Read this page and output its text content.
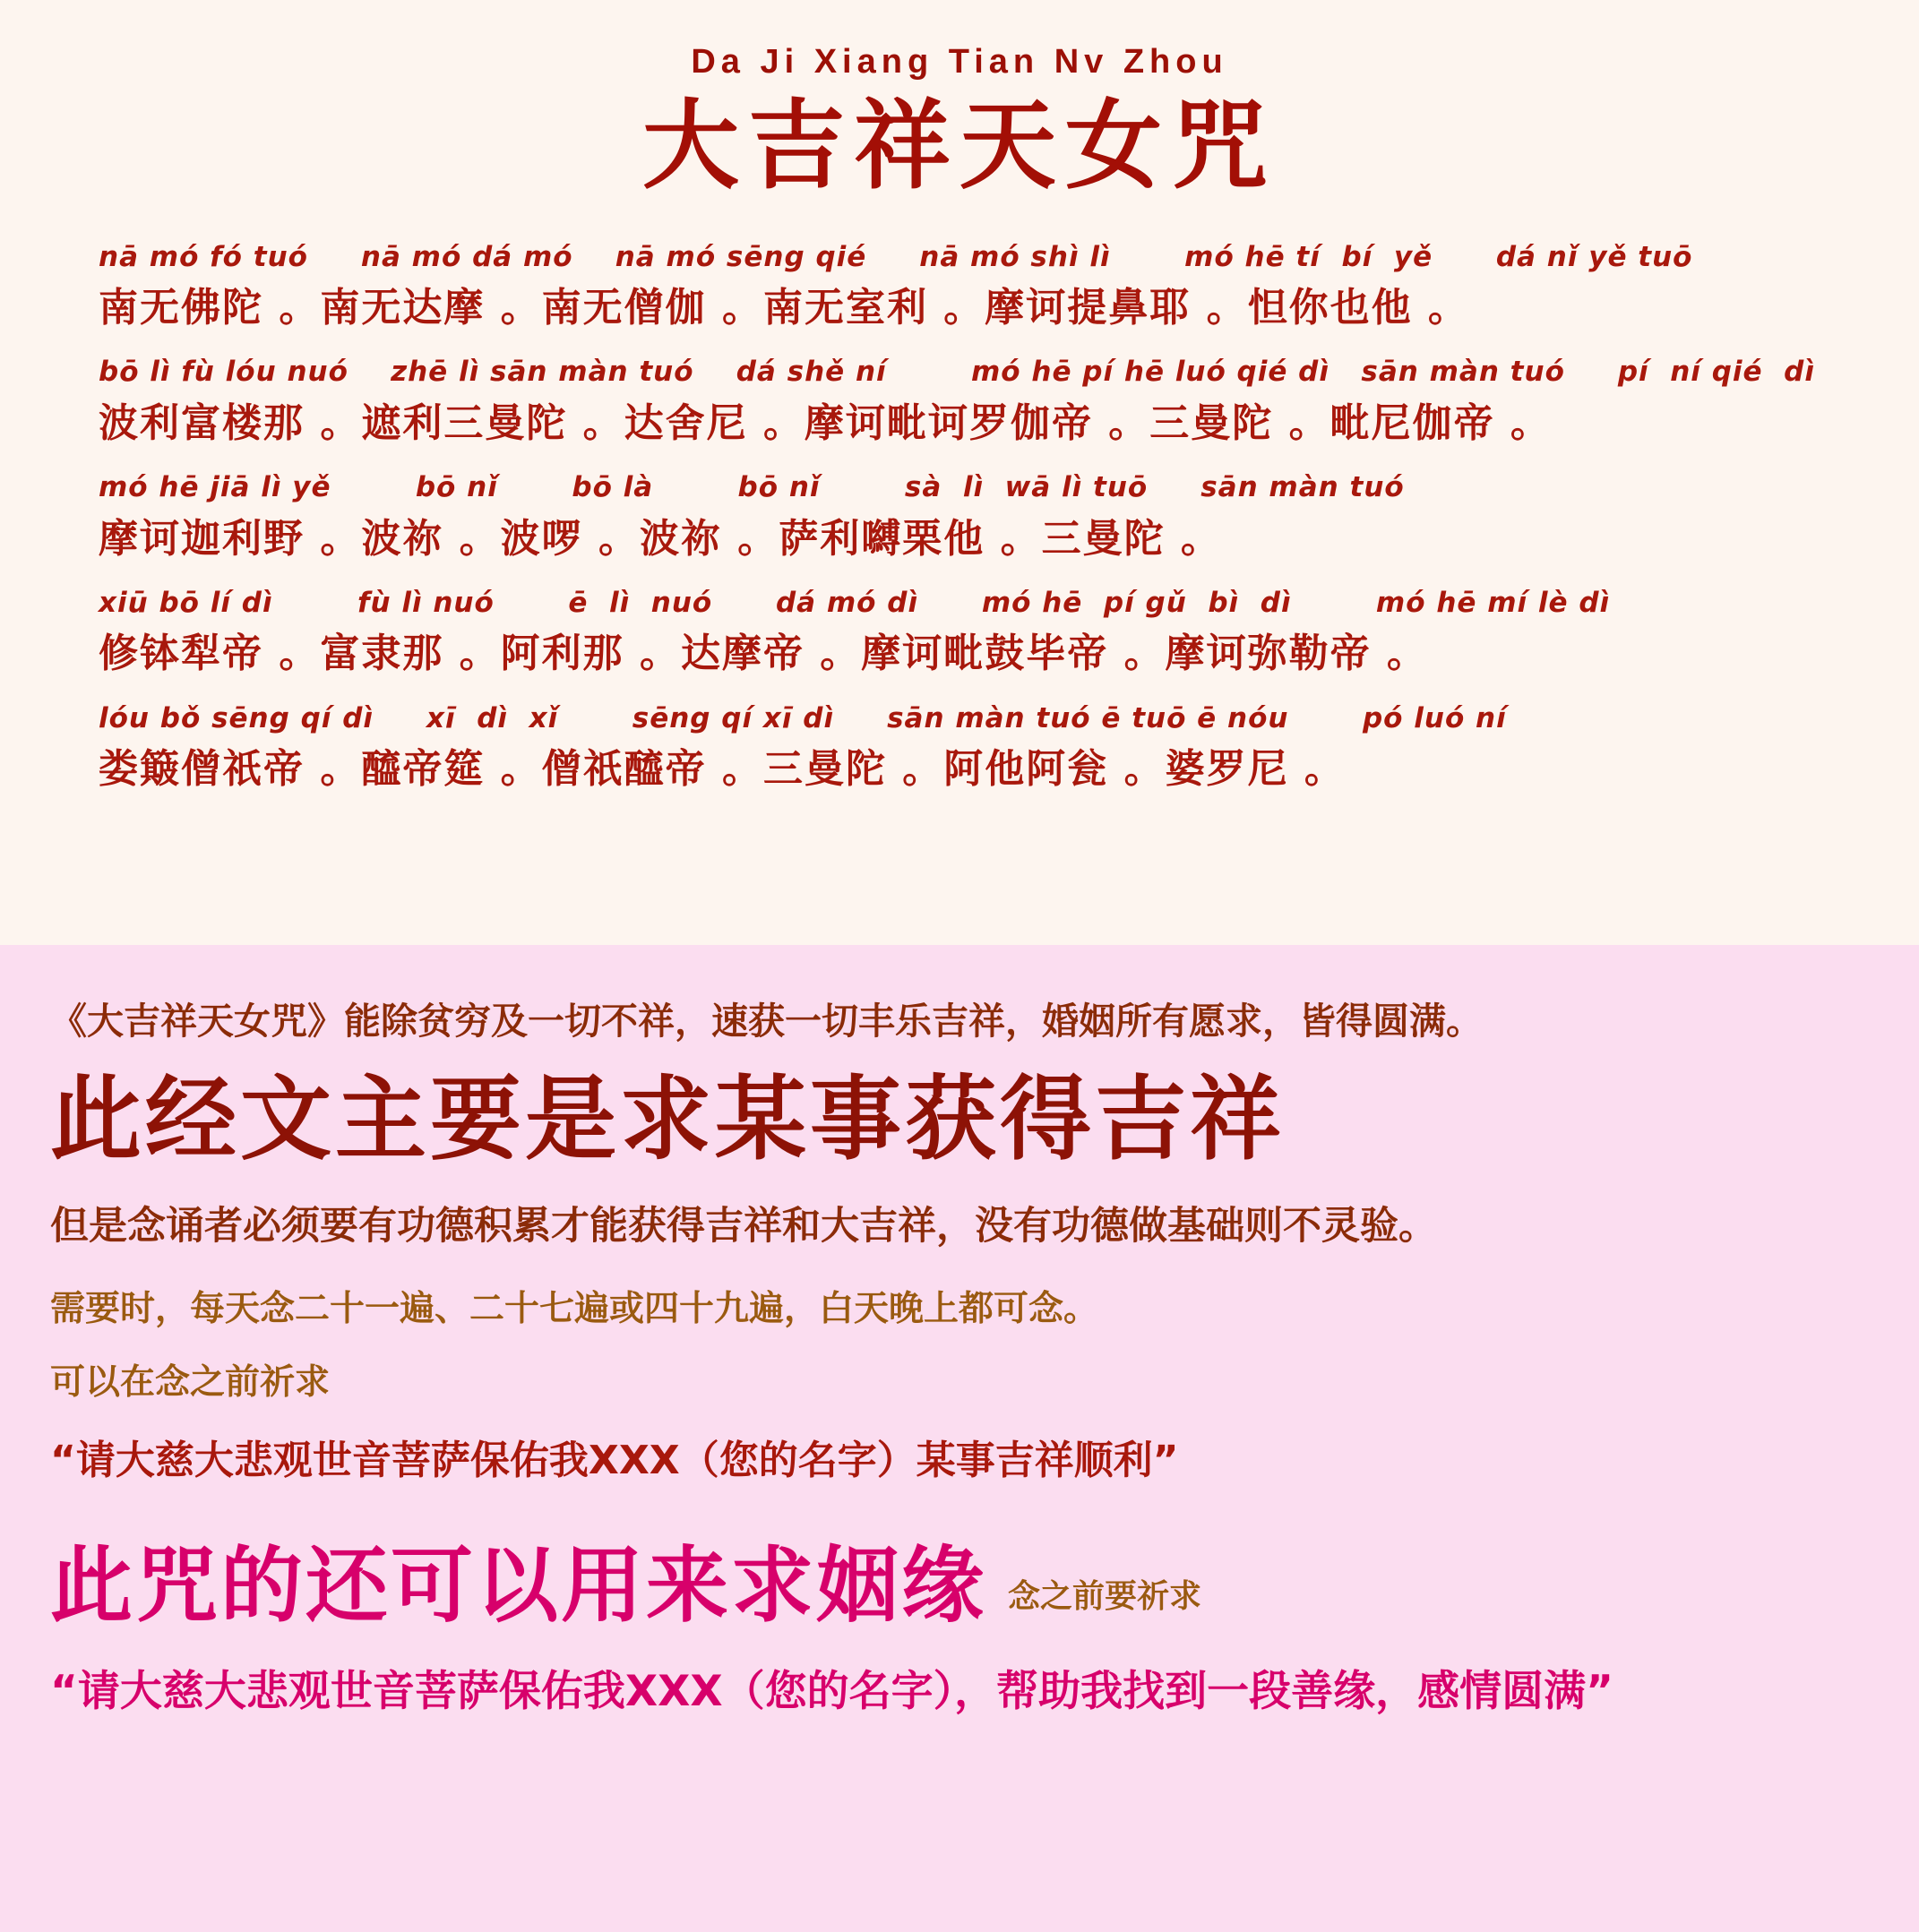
Da Ji Xiang Tian Nv Zhou
大吉祥天女咒
nā mó fó tuó     nā mó dá mó    nā mó sēng qié     nā mó shì lì       mó hē tí  bí  yě      dá nǐ yě tuō
南无佛陀 。南无达摩 。南无僧伽 。南无室利 。摩诃提鼻耶 。怛你也他 。
bō lì fù lóu nuó    zhē lì sān màn tuó    dá shě ní        mó hē pí hē luó qié dì   sān màn tuó     pí  ní qié  dì
波利富楼那 。遮利三曼陀 。达舍尼 。摩诃毗诃罗伽帝 。三曼陀 。毗尼伽帝 。
mó hē jiā lì yě        bō nǐ       bō là        bō nǐ        sà  lì  wā lì tuō     sān màn tuó
摩诃迦利野 。波祢 。波啰 。波祢 。萨利嚩栗他 。三曼陀 。
xiū bō lí dì        fù lì nuó       ē  lì  nuó      dá mó dì      mó hē  pí gǔ  bì  dì        mó hē mí lè dì
修钵犁帝 。富隶那 。阿利那 。达摩帝 。摩诃毗鼓毕帝 。摩诃弥勒帝 。
lóu bǒ sēng qí dì     xī  dì  xǐ       sēng qí xī dì     sān màn tuó ē tuō ē nóu       pó luó ní
娄簸僧祇帝 。醯帝筵 。僧祇醯帝 。三曼陀 。阿他阿瓮 。婆罗尼 。
《大吉祥天女咒》能除贫穷及一切不祥，速获一切丰乐吉祥，婚姻所有愿求，皆得圆满。
此经文主要是求某事获得吉祥
但是念诵者必须要有功德积累才能获得吉祥和大吉祥，没有功德做基础则不灵验。
需要时，每天念二十一遍、二十七遍或四十九遍，白天晚上都可念。
可以在念之前祈求
“请大慈大悲观世音菩萨保佑我XXX（您的名字）某事吉祥顺利”
此咒的还可以用来求姻缘 念之前要祈求
“请大慈大悲观世音菩萨保佑我XXX（您的名字），帮助我找到一段善缘，感情圆满”
